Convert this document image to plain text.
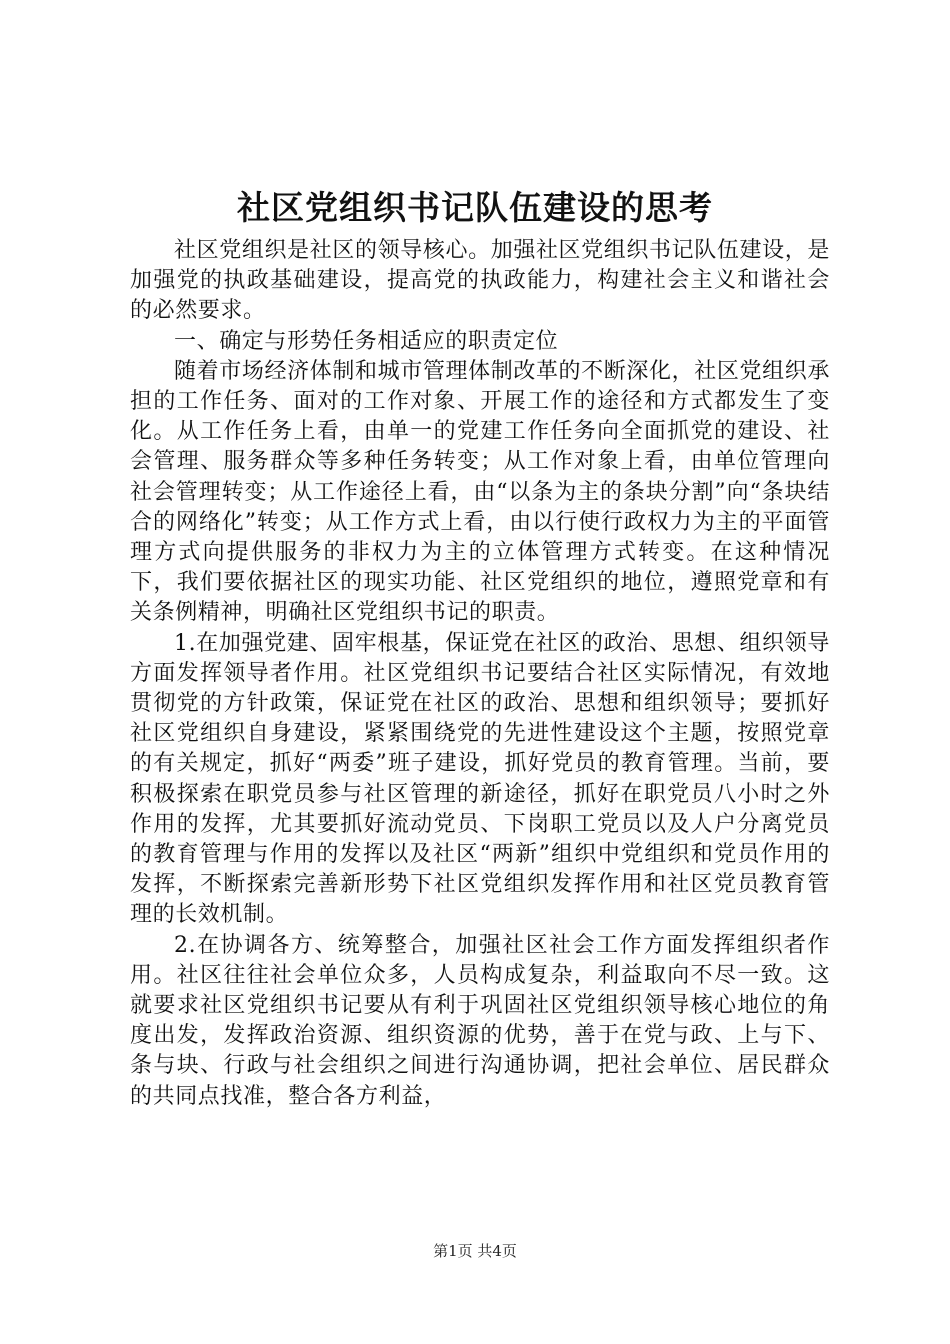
社区党组织书记队伍建设的思考

社区党组织是社区的领导核心。加强社区党组织书记队伍建设，是加强党的执政基础建设，提高党的执政能力，构建社会主义和谐社会的必然要求。

一、确定与形势任务相适应的职责定位

随着市场经济体制和城市管理体制改革的不断深化，社区党组织承担的工作任务、面对的工作对象、开展工作的途径和方式都发生了变化。从工作任务上看，由单一的党建工作任务向全面抓党的建设、社会管理、服务群众等多种任务转变；从工作对象上看，由单位管理向社会管理转变；从工作途径上看，由“以条为主的条块分割”向“条块结合的网络化”转变；从工作方式上看，由以行使行政权力为主的平面管理方式向提供服务的非权力为主的立体管理方式转变。在这种情况下，我们要依据社区的现实功能、社区党组织的地位，遵照党章和有关条例精神，明确社区党组织书记的职责。

1.在加强党建、固牢根基，保证党在社区的政治、思想、组织领导方面发挥领导者作用。社区党组织书记要结合社区实际情况，有效地贯彻党的方针政策，保证党在社区的政治、思想和组织领导；要抓好社区党组织自身建设，紧紧围绕党的先进性建设这个主题，按照党章的有关规定，抓好“两委”班子建设，抓好党员的教育管理。当前，要积极探索在职党员参与社区管理的新途径，抓好在职党员八小时之外作用的发挥，尤其要抓好流动党员、下岗职工党员以及人户分离党员的教育管理与作用的发挥以及社区“两新”组织中党组织和党员作用的发挥，不断探索完善新形势下社区党组织发挥作用和社区党员教育管理的长效机制。

2.在协调各方、统筹整合，加强社区社会工作方面发挥组织者作用。社区往往社会单位众多，人员构成复杂，利益取向不尽一致。这就要求社区党组织书记要从有利于巩固社区党组织领导核心地位的角度出发，发挥政治资源、组织资源的优势，善于在党与政、上与下、条与块、行政与社会组织之间进行沟通协调，把社会单位、居民群众的共同点找准，整合各方利益，

第1页 共4页
